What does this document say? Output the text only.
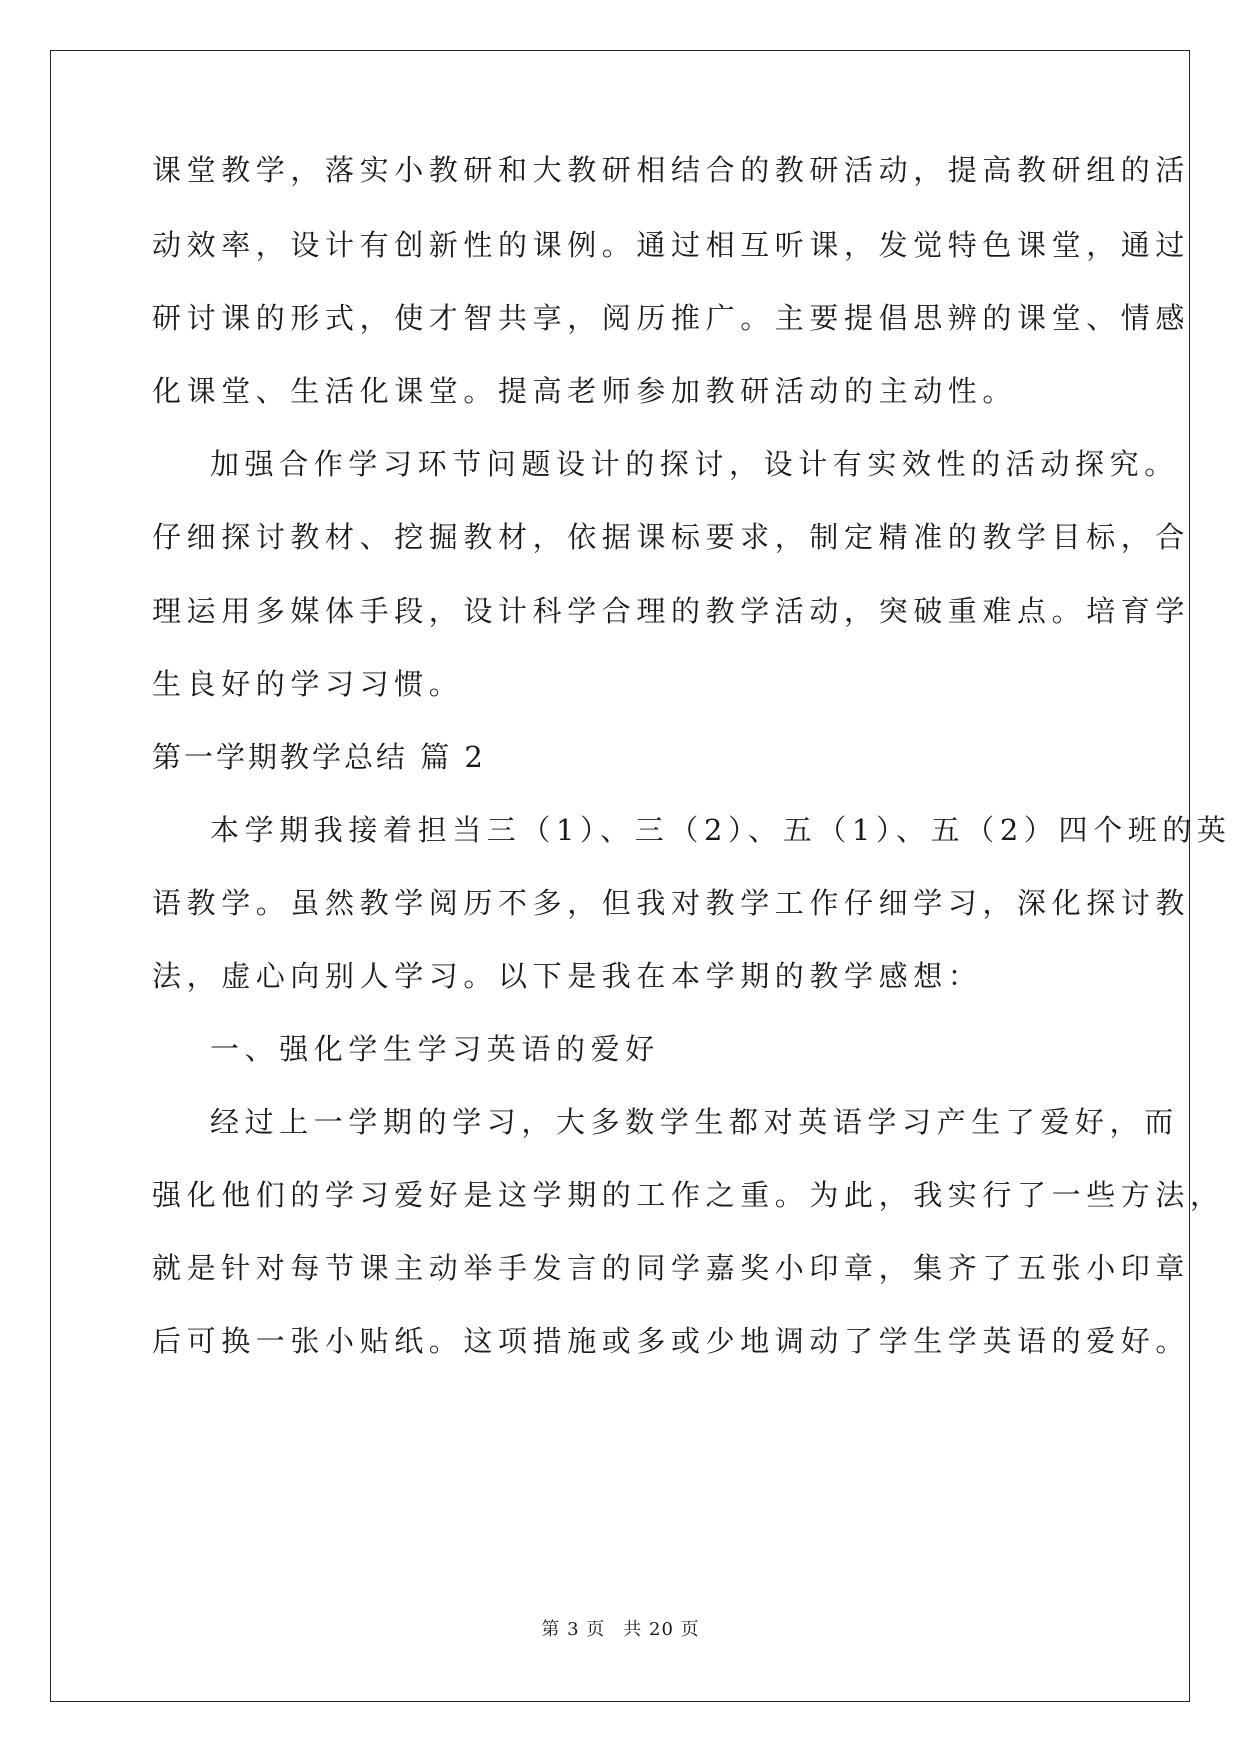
课堂教学，落实小教研和大教研相结合的教研活动，提高教研组的活
动效率，设计有创新性的课例。通过相互听课，发觉特色课堂，通过
研讨课的形式，使才智共享，阅历推广。主要提倡思辨的课堂、情感
化课堂、生活化课堂。提高老师参加教研活动的主动性。
加强合作学习环节问题设计的探讨，设计有实效性的活动探究。
仔细探讨教材、挖掘教材，依据课标要求，制定精准的教学目标，合
理运用多媒体手段，设计科学合理的教学活动，突破重难点。培育学
生良好的学习习惯。
第一学期教学总结 篇 2
本学期我接着担当三（1）、三（2）、五（1）、五（2）四个班的英
语教学。虽然教学阅历不多，但我对教学工作仔细学习，深化探讨教
法，虚心向别人学习。以下是我在本学期的教学感想：
一、强化学生学习英语的爱好
经过上一学期的学习，大多数学生都对英语学习产生了爱好，而
强化他们的学习爱好是这学期的工作之重。为此，我实行了一些方法，
就是针对每节课主动举手发言的同学嘉奖小印章，集齐了五张小印章
后可换一张小贴纸。这项措施或多或少地调动了学生学英语的爱好。
第 3 页 共 20 页
